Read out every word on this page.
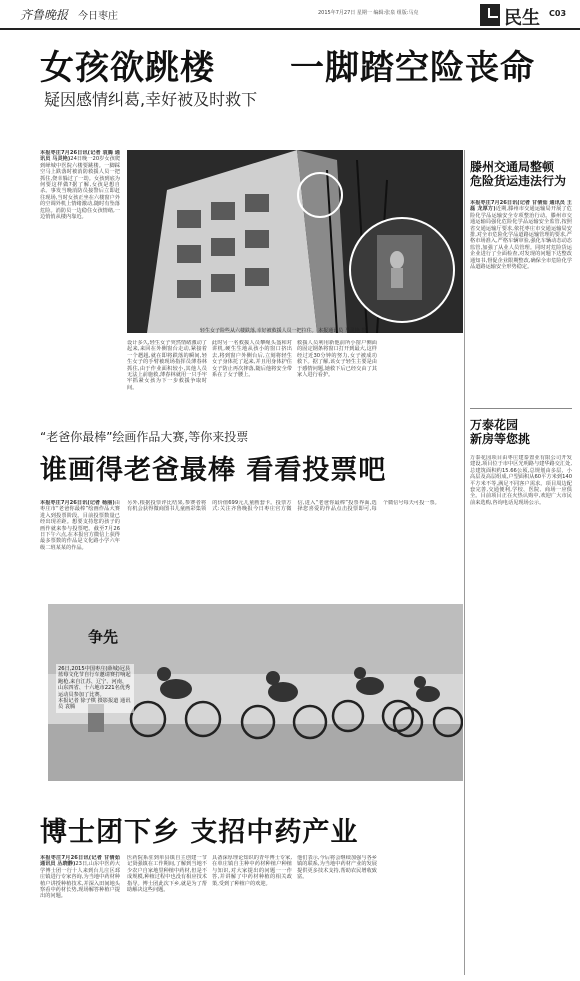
齐鲁晚报 今日枣庄	2015年7月27日 星期一 编辑:张泉 组版:马克	民生 C03
女孩欲跳楼 一脚踏空险丧命
疑因感情纠葛,幸好被及时救下
本报枣庄7月26日讯(记者 袁腾 通讯员 马灵艳)24日晚一20岁女孩爬到峄城中医院六楼要跳楼。一脚踩空马上跌落时被消防救援人员一把抓住,侥幸躲过了一劫。女孩到底为何要这样做?据了解,女孩是想自杀。事发当晚消防员接警后立即赶往现场,当时女孩正坐在六楼窗户外的空调外机上情绪激动,随时有坠落危险。消防员一边稳住女孩情绪,一边悄悄从楼内靠近。
轻生女子险些从六楼跌落,幸好被救援人员一把拉住。 本报通讯员 马灵艳 摄
设计多久,轻生女子突然情绪激动了起来,来回在外侧窗台走动,紧接着一个趔趄,就在即将跌落的瞬间,轻生女子的手臂被现场指挥员薄春林抓住,由于作业面积较小,其他人员无法上前施救,薄春林就用一只手牢牢抓紧女孩为下一步救援争取时间。
此时另一名救援人员攀绳头盔和对讲机,硬生生地从孩小的窗口挤出去,将到窗户外侧台后,立刻将轻生女子身体托了起来,并且用身体护住女子防止再次摔落,随后他将安全带系在了女子腰上。
救援人员利用新他前所小窗户侧面的固定钢条将窗口打开到最大,这样经过近30分钟的努力,女子被成功救下。据了解,该女子轻生主要是由于感情问题,她救下后已经交由了其家人进行看护。
“老爸你最棒”绘画作品大赛,等你来投票
谁画得老爸最棒 看看投票吧
本报枣庄7月26日讯(记者 杨丽)由枣庄市“老爸你最棒”绘画作品大赛进入到投票阶段。目前投票数量已经出现差距。想要支持您的孩子的画作就来参与投票吧。截至7月26日下午六点,在本报官方微信上获得最多票数的作品是文化路小学六年级二班某某的作品。
另外,根据投票评比结果,参赛者将有机会获得微商图书儿童画彩集领的价值699元儿童画套卡。投票方式:关注齐鲁晚报今日枣庄官方微信,进入“老爸你最棒”投票界面,选择您喜爱的作品点击投票即可,每个微信号每天可投一票。
争先
26日,2015中国枣庄(薛城)冠县蓝莓文化节自行车邀请赛打响起跑枪,来自江苏、辽宁、河南、山东四省、十六地市221名优秀运动员参加了比赛。
本报记者 徐子棋 摄影报道 通讯员 袁腾
博士团下乡 支招中药产业
本报枣庄7月26日讯(记者 甘倩茹 通讯员 丛晓静)23日,山东中医药大学博士团一行十人来到台儿庄区邳庄镇进行专家咨询,为当地中药材种植户讲授种植技术,并深入田间地头察看中药材长势,现场解答种植户提出的问题。
医药院系驻到单县镇自主创建一节记贤强镇在工作期间,了解到当地不少农户自家地里种植中药材,但是不成规模,种植过程中也没有相应技术指导。博士团此次下乡,就是为了帮助解决这些问题。
具备深厚理论知识的青年博士专家,在单庄镇自主种中药材种植户种植与知识,对大家提出的问题一一作答,并讲解了中药材种植的相关政策,受到了种植户的欢迎。
他们表示,今后将会继续加强与各乡镇的联系,为当地中药材产业的发展提供更多技术支持,帮助农民增收致富。
滕州交通局整顿
危险货运违法行为
本报枣庄7月26日讯(记者 甘倩茹 通讯员 王磊 龙厚方)近期,滕州市交通运输局开展了危险化学品运输安全专项整治行动。滕州市交通运输局强化危险化学品运输安全监管,按照省交通运输厅要求,依托枣庄市交通运输局安排,对全市危险化学品道路运输管理的要求,严格市场准入,严格车辆审验,强化车辆动态动态监管,加强了从业人员管理。同时对危险货运企业进行了全面检查,对发现的问题下达整改通知书,督促企业限期整改,确保全市危险化学品道路运输安全形势稳定。
万泰花园
新房等您挑
万泰花园项目由枣庄建泰置业有限公司开发建设,项目位于市中区光明路与建华路交汇处,总建筑面积约15.66公顷,总规划由多层、小高层及高层组成,户型面积从60平方米到140平方米不等,满足不同客户需求。项目周边配套完善,交通便利,学校、医院、商场一应俱全。目前项目正在火热认购中,欢迎广大市民前来选购,咨询电话见现场公示。
